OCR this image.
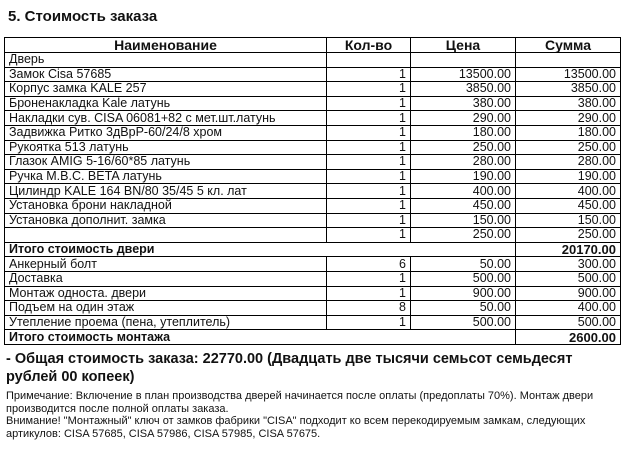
5. Стоимость заказа
Наименование	Кол-во	Цена	Сумма
Дверь			
Замок Cisa 57685	1	13500.00	13500.00
Корпус замка KALE 257	1	3850.00	3850.00
Броненакладка Kale латунь	1	380.00	380.00
Накладки сув. CISA 06081+82 с мет.шт.латунь	1	290.00	290.00
Задвижка Ритко 3дВрР-60/24/8 хром	1	180.00	180.00
Рукоятка 513 латунь	1	250.00	250.00
Глазок AMIG 5-16/60*85 латунь	1	280.00	280.00
Ручка М.В.С. BETA латунь	1	190.00	190.00
Цилиндр KALE 164 BN/80 35/45 5 кл. лат	1	400.00	400.00
Установка брони накладной	1	450.00	450.00
Установка дополнит. замка	1	150.00	150.00
	1	250.00	250.00
Итого стоимость двери			20170.00
Анкерный болт	6	50.00	300.00
Доставка	1	500.00	500.00
Монтаж односта. двери	1	900.00	900.00
Подъем на один этаж	8	50.00	400.00
Утепление проема (пена, утеплитель)	1	500.00	500.00
Итого стоимость монтажа			2600.00
- Общая стоимость заказа: 22770.00 (Двадцать две тысячи семьсот семьдесят рублей 00 копеек)

Примечание: Включение в план производства дверей начинается после оплаты (предоплаты 70%). Монтаж двери производится после полной оплаты заказа.

Внимание! "Монтажный" ключ от замков фабрики "CISA" подходит ко всем перекодируемым замкам, следующих артикулов: CISA 57685, CISA 57986, CISA 57985, CISA 57675.
